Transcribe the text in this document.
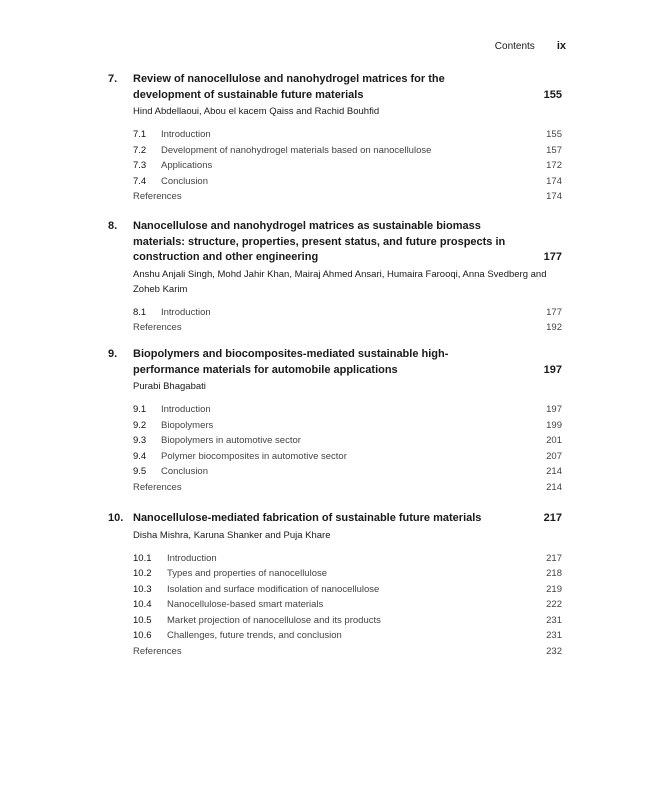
Contents ix
7. Review of nanocellulose and nanohydrogel matrices for the development of sustainable future materials	155
Hind Abdellaoui, Abou el kacem Qaiss and Rachid Bouhfid
7.1 Introduction	155
7.2 Development of nanohydrogel materials based on nanocellulose	157
7.3 Applications	172
7.4 Conclusion	174
References	174
8. Nanocellulose and nanohydrogel matrices as sustainable biomass materials: structure, properties, present status, and future prospects in construction and other engineering	177
Anshu Anjali Singh, Mohd Jahir Khan, Mairaj Ahmed Ansari, Humaira Farooqi, Anna Svedberg and Zoheb Karim
8.1 Introduction	177
References	192
9. Biopolymers and biocomposites-mediated sustainable high-performance materials for automobile applications	197
Purabi Bhagabati
9.1 Introduction	197
9.2 Biopolymers	199
9.3 Biopolymers in automotive sector	201
9.4 Polymer biocomposites in automotive sector	207
9.5 Conclusion	214
References	214
10. Nanocellulose-mediated fabrication of sustainable future materials	217
Disha Mishra, Karuna Shanker and Puja Khare
10.1 Introduction	217
10.2 Types and properties of nanocellulose	218
10.3 Isolation and surface modification of nanocellulose	219
10.4 Nanocellulose-based smart materials	222
10.5 Market projection of nanocellulose and its products	231
10.6 Challenges, future trends, and conclusion	231
References	232
